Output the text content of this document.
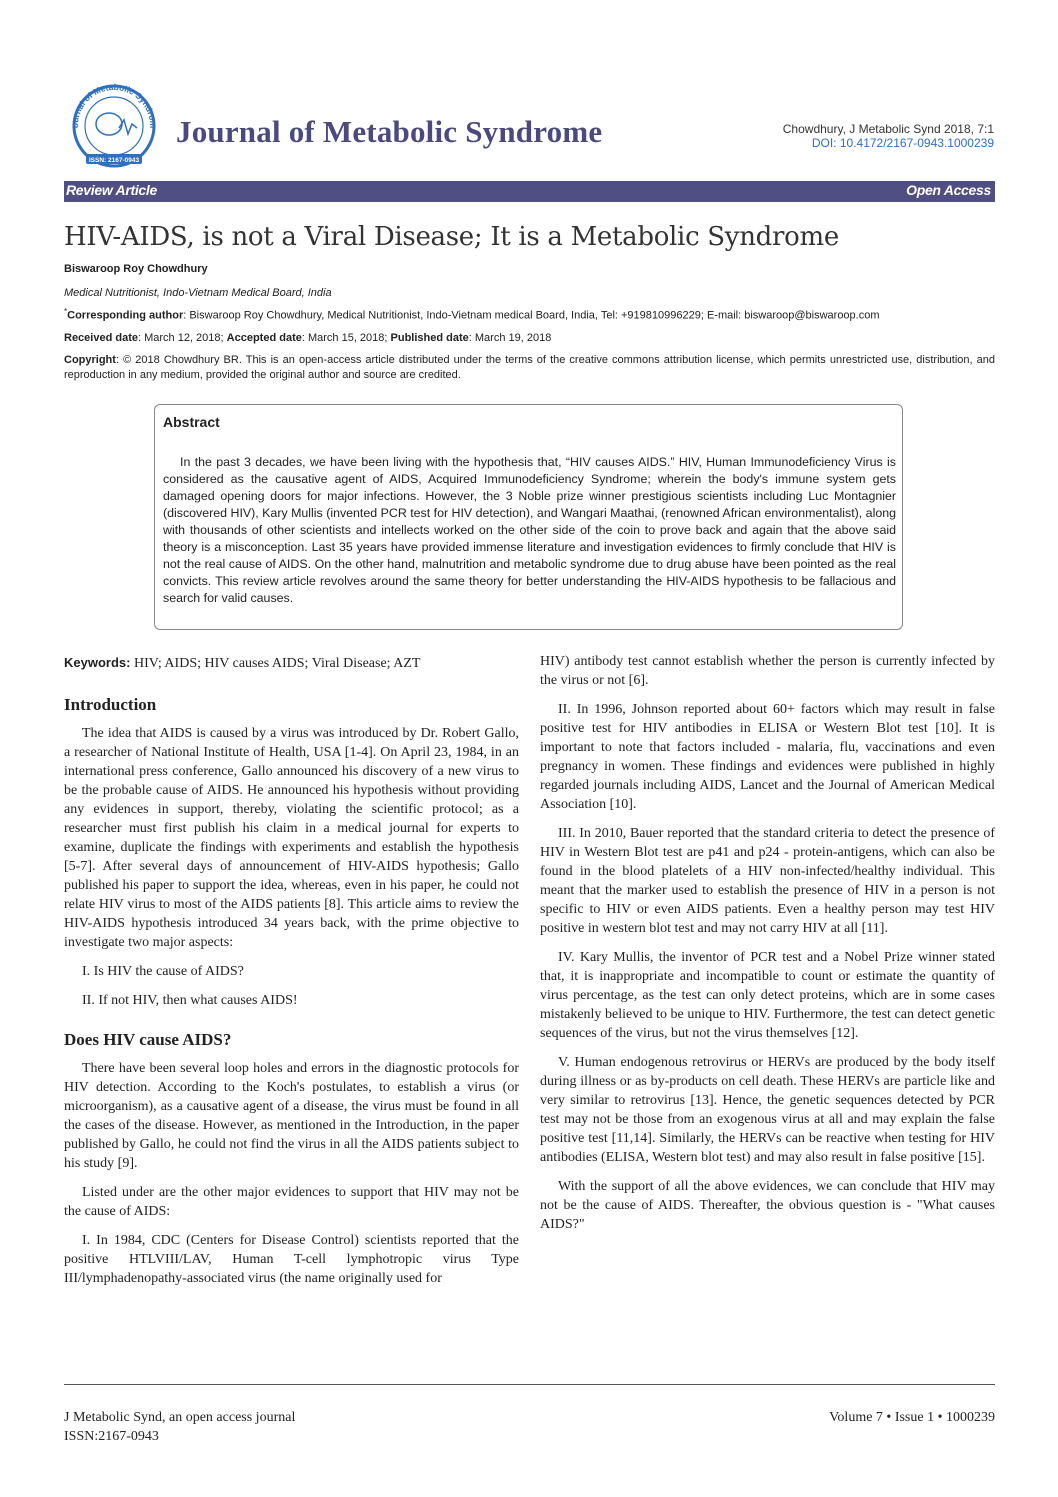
ournal of Metabolic Syndrom
ISSN: 2167-0943
Journal of Metabolic Syndrome	Chowdhury, J Metabolic Synd 2018, 7:1
DOI: 10.4172/2167-0943.1000239
Review Article	Open Access
HIV-AIDS, is not a Viral Disease; It is a Metabolic Syndrome
Biswaroop Roy Chowdhury
Medical Nutritionist, Indo-Vietnam Medical Board, India
*Corresponding author: Biswaroop Roy Chowdhury, Medical Nutritionist, Indo-Vietnam medical Board, India, Tel: +919810996229; E-mail: biswaroop@biswaroop.com
Received date: March 12, 2018; Accepted date: March 15, 2018; Published date: March 19, 2018
Copyright: © 2018 Chowdhury BR. This is an open-access article distributed under the terms of the creative commons attribution license, which permits unrestricted use, distribution, and reproduction in any medium, provided the original author and source are credited.
Abstract

In the past 3 decades, we have been living with the hypothesis that, “HIV causes AIDS.” HIV, Human Immunodeficiency Virus is considered as the causative agent of AIDS, Acquired Immunodeficiency Syndrome; wherein the body's immune system gets damaged opening doors for major infections. However, the 3 Noble prize winner prestigious scientists including Luc Montagnier (discovered HIV), Kary Mullis (invented PCR test for HIV detection), and Wangari Maathai, (renowned African environmentalist), along with thousands of other scientists and intellects worked on the other side of the coin to prove back and again that the above said theory is a misconception. Last 35 years have provided immense literature and investigation evidences to firmly conclude that HIV is not the real cause of AIDS. On the other hand, malnutrition and metabolic syndrome due to drug abuse have been pointed as the real convicts. This review article revolves around the same theory for better understanding the HIV-AIDS hypothesis to be fallacious and search for valid causes.

Keywords: HIV; AIDS; HIV causes AIDS; Viral Disease; AZT

Introduction

The idea that AIDS is caused by a virus was introduced by Dr. Robert Gallo, a researcher of National Institute of Health, USA [1-4]. On April 23, 1984, in an international press conference, Gallo announced his discovery of a new virus to be the probable cause of AIDS. He announced his hypothesis without providing any evidences in support, thereby, violating the scientific protocol; as a researcher must first publish his claim in a medical journal for experts to examine, duplicate the findings with experiments and establish the hypothesis [5-7]. After several days of announcement of HIV-AIDS hypothesis; Gallo published his paper to support the idea, whereas, even in his paper, he could not relate HIV virus to most of the AIDS patients [8]. This article aims to review the HIV-AIDS hypothesis introduced 34 years back, with the prime objective to investigate two major aspects:

I. Is HIV the cause of AIDS?

II. If not HIV, then what causes AIDS!

Does HIV cause AIDS?

There have been several loop holes and errors in the diagnostic protocols for HIV detection. According to the Koch's postulates, to establish a virus (or microorganism), as a causative agent of a disease, the virus must be found in all the cases of the disease. However, as mentioned in the Introduction, in the paper published by Gallo, he could not find the virus in all the AIDS patients subject to his study [9].

Listed under are the other major evidences to support that HIV may not be the cause of AIDS:

I. In 1984, CDC (Centers for Disease Control) scientists reported that the positive HTLVIII/LAV, Human T-cell lymphotropic virus Type III/lymphadenopathy-associated virus (the name originally used for

HIV) antibody test cannot establish whether the person is currently infected by the virus or not [6].

II. In 1996, Johnson reported about 60+ factors which may result in false positive test for HIV antibodies in ELISA or Western Blot test [10]. It is important to note that factors included - malaria, flu, vaccinations and even pregnancy in women. These findings and evidences were published in highly regarded journals including AIDS, Lancet and the Journal of American Medical Association [10].

III. In 2010, Bauer reported that the standard criteria to detect the presence of HIV in Western Blot test are p41 and p24 - protein-antigens, which can also be found in the blood platelets of a HIV non-infected/healthy individual. This meant that the marker used to establish the presence of HIV in a person is not specific to HIV or even AIDS patients. Even a healthy person may test HIV positive in western blot test and may not carry HIV at all [11].

IV. Kary Mullis, the inventor of PCR test and a Nobel Prize winner stated that, it is inappropriate and incompatible to count or estimate the quantity of virus percentage, as the test can only detect proteins, which are in some cases mistakenly believed to be unique to HIV. Furthermore, the test can detect genetic sequences of the virus, but not the virus themselves [12].

V. Human endogenous retrovirus or HERVs are produced by the body itself during illness or as by-products on cell death. These HERVs are particle like and very similar to retrovirus [13]. Hence, the genetic sequences detected by PCR test may not be those from an exogenous virus at all and may explain the false positive test [11,14]. Similarly, the HERVs can be reactive when testing for HIV antibodies (ELISA, Western blot test) and may also result in false positive [15].

With the support of all the above evidences, we can conclude that HIV may not be the cause of AIDS. Thereafter, the obvious question is - "What causes AIDS?"

J Metabolic Synd, an open access journal
ISSN:2167-0943
Volume 7 • Issue 1 • 1000239
